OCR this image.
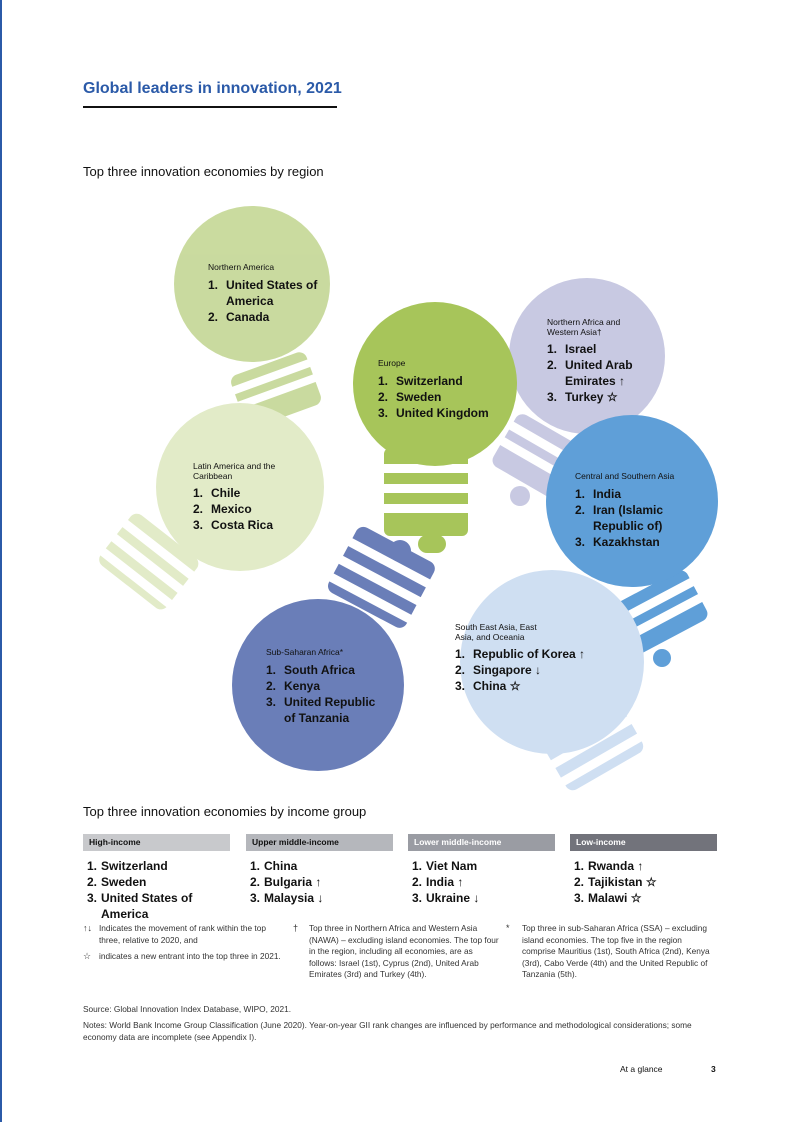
Global leaders in innovation, 2021
Top three innovation economies by region
Northern America
1. United States of America
2. Canada
Europe
1. Switzerland
2. Sweden
3. United Kingdom
Northern Africa and Western Asia†
1. Israel
2. United Arab Emirates ↑
3. Turkey ☆
Latin America and the Caribbean
1. Chile
2. Mexico
3. Costa Rica
Central and Southern Asia
1. India
2. Iran (Islamic Republic of)
3. Kazakhstan
Sub-Saharan Africa*
1. South Africa
2. Kenya
3. United Republic of Tanzania
South East Asia, East Asia, and Oceania
1. Republic of Korea ↑
2. Singapore ↓
3. China ☆
Top three innovation economies by income group
High-income
1. Switzerland
2. Sweden
3. United States of America
Upper middle-income
1. China
2. Bulgaria ↑
3. Malaysia ↓
Lower middle-income
1. Viet Nam
2. India ↑
3. Ukraine ↓
Low-income
1. Rwanda ↑
2. Tajikistan ☆
3. Malawi ☆
↑↓ Indicates the movement of rank within the top three, relative to 2020, and
☆ indicates a new entrant into the top three in 2021.
† Top three in Northern Africa and Western Asia (NAWA) – excluding island economies. The top four in the region, including all economies, are as follows: Israel (1st), Cyprus (2nd), United Arab Emirates (3rd) and Turkey (4th).
* Top three in sub-Saharan Africa (SSA) – excluding island economies. The top five in the region comprise Mauritius (1st), South Africa (2nd), Kenya (3rd), Cabo Verde (4th) and the United Republic of Tanzania (5th).
Source: Global Innovation Index Database, WIPO, 2021.
Notes: World Bank Income Group Classification (June 2020). Year-on-year GII rank changes are influenced by performance and methodological considerations; some economy data are incomplete (see Appendix I).
At a glance	3
